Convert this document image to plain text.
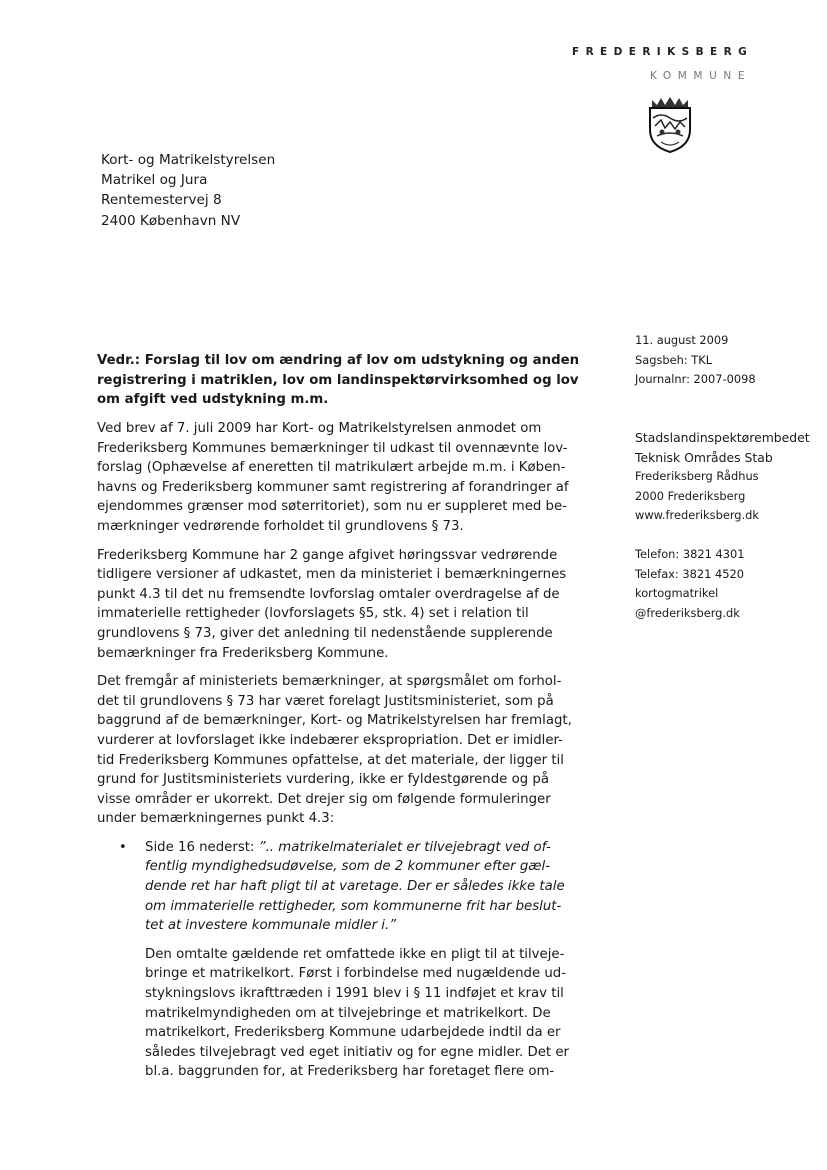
FREDERIKSBERG
KOMMUNE
Kort- og Matrikelstyrelsen
Matrikel og Jura
Rentemestervej 8
2400 København NV
11. august 2009
Sagsbeh: TKL
Journalnr: 2007-0098
Stadslandinspektørembedet
Teknisk Områdes Stab
Frederiksberg Rådhus
2000 Frederiksberg
www.frederiksberg.dk
Telefon: 3821 4301
Telefax: 3821 4520
kortogmatrikel
@frederiksberg.dk
Vedr.: Forslag til lov om ændring af lov om udstykning og anden
registrering i matriklen, lov om landinspektørvirksomhed og lov
om afgift ved udstykning m.m.
Ved brev af 7. juli 2009 har Kort- og Matrikelstyrelsen anmodet om
Frederiksberg Kommunes bemærkninger til udkast til ovennævnte lov-
forslag (Ophævelse af eneretten til matrikulært arbejde m.m. i Køben-
havns og Frederiksberg kommuner samt registrering af forandringer af
ejendommes grænser mod søterritoriet), som nu er suppleret med be-
mærkninger vedrørende forholdet til grundlovens § 73.
Frederiksberg Kommune har 2 gange afgivet høringssvar vedrørende
tidligere versioner af udkastet, men da ministeriet i bemærkningernes
punkt 4.3 til det nu fremsendte lovforslag omtaler overdragelse af de
immaterielle rettigheder (lovforslagets §5, stk. 4) set i relation til
grundlovens § 73, giver det anledning til nedenstående supplerende
bemærkninger fra Frederiksberg Kommune.
Det fremgår af ministeriets bemærkninger, at spørgsmålet om forhol-
det til grundlovens § 73 har været forelagt Justitsministeriet, som på
baggrund af de bemærkninger, Kort- og Matrikelstyrelsen har fremlagt,
vurderer at lovforslaget ikke indebærer ekspropriation. Det er imidler-
tid Frederiksberg Kommunes opfattelse, at det materiale, der ligger til
grund for Justitsministeriets vurdering, ikke er fyldestgørende og på
visse områder er ukorrekt. Det drejer sig om følgende formuleringer
under bemærkningernes punkt 4.3:
• Side 16 nederst: ”.. matrikelmaterialet er tilvejebragt ved of-
fentlig myndighedsudøvelse, som de 2 kommuner efter gæl-
dende ret har haft pligt til at varetage. Der er således ikke tale
om immaterielle rettigheder, som kommunerne frit har beslut-
tet at investere kommunale midler i.”
Den omtalte gældende ret omfattede ikke en pligt til at tilveje-
bringe et matrikelkort. Først i forbindelse med nugældende ud-
stykningslovs ikrafttræden i 1991 blev i § 11 indføjet et krav til
matrikelmyndigheden om at tilvejebringe et matrikelkort. De
matrikelkort, Frederiksberg Kommune udarbejdede indtil da er
således tilvejebragt ved eget initiativ og for egne midler. Det er
bl.a. baggrunden for, at Frederiksberg har foretaget flere om-
